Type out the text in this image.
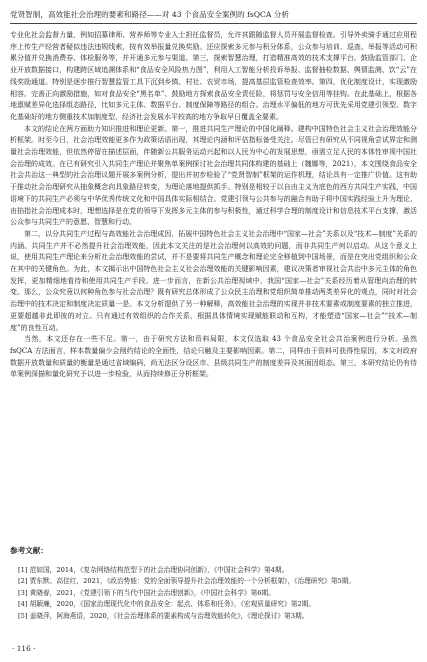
党贤智制，高效能社会治理的要素和路径——对 43 个食品安全案例的 fsQCA 分析

专业化社会监督力量，例如招募律师、营养师等专业人士担任监督员，允许其跟随监督人员开展监督检查。引导外卖骑手通过应用程序上传生产经营者疑似违法违规线索，按有效举报量兑换奖励。还应探索多元参与积分体系，公众参与培训、巡查、举报等活动可积累分值并兑换消费券、体检服务等，并开通多元参与渠道。第三，探索智慧治理，打造精准高效的技术支撑平台。鼓励监管部门、企业开放数据接口，构建跨区域追溯体系和“食品安全风险热力图”，利用人工智能分析投诉举报、监督抽检数据、舆情监测、饮“云”在线奖励通道。特别是逐步推行智慧监管工具下沉到乡镇、村社、农贸市场，提高基层监管检查效率。第四，优化制度设计，实现激励相容。完善正向激励措施，如对食品安全“黑名单”、鼓励地方探索食品安全责任险，将惩罚与安全信用等挂钩。在此基础上，根据各地禀赋差异化选择组态路径，比如多元主体、数据平台、制度保障等路径的组合。治理水平偏低的地方可优先采用党建引领型、数字化基础好的地方侧重技术加制度型，经济社会发展水平较高的地方争取早日覆盖全要素。

本文的结论在两方面助力知识推进和理论更新。第一，推进共同生产理论的中国化阐释。建构中国特色社会主义社会治理效能分析框架。时至今日，社会治理效能更多作为政策话语出现，其理论内涵和评估指标备受关注。尽管已有研究从不同视角尝试界定和测量社会治理效能，但依然停留在描述层面，伴随新公共服务运动兴起和以人民为中心的发展思想，亟需立足人民的本体性审视中国社会治理的成效。在已有研究引入共同生产理论并聚焦单案例探讨社会治理共同体构建的基础上（魏娜等，2021），本文围绕食品安全社会共治这一典型的社会治理议题开展多案例分析，提出并初步检验了“党贤智制”框架的运作机理，结论具有一定推广价值。这有助于推动社会治理研究从抽象概念向具象路径转变，为理论落地提供抓手。特别是相较于以自由主义为底色的西方共同生产实践，中国语境下的共同生产必须与中华优秀传统文化和中国具体实际相结合。党建引领与公共参与的融合有助于将中国实践经验上升为理论，由掐指社会治理成本时，理想选择是在党的领导下发挥多元主体的参与积极性，通过科学合理的制度设计和信息技术平台支撑，激活公众参与共同生产的意愿、智慧和行动。

第二，以分共同生产过程与高效能社会治理成因，拓展中国特色社会主义社会治理中“国家—社会”关系以及“技术—制度”关系的内涵。共同生产并不必然提升社会治理效能，因此本文关注的是社会治理何以高效的问题，而非共同生产何以启动。从这个意义上说，使用共同生产理论来分析社会治理效能的尝试，并不是要将共同生产概念和理论完全移植到中国场景，而是在突出党组织和公众在其中的关键角色。为此，本文揭示出中国特色社会主义社会治理效能的关键影响因素，建议决策者审视社会共治中多元主体的角色发挥，更加精细地看待和使用共同生产手段。进一步而言，在新公共治理视域中，我国“国家—社会”关系经历着从管理向治理的转变。那么，公众究竟以何种角色参与社会治理？既有研究总体形成了公众民主治理和党组织简单推动两类差异化的观点，同时对社会治理中的技术决定和制度决定质量一是。本文分析提供了另一种解释，高效能社会治理的实现并非技术要素或制度要素的独立推进，更要超越非此即彼的对立。只有通过有效组织的合作关系，根据具体情境实现赋能联动和互构，才能塑造“国家—社会”“技术—制度”的良性互动。

当然，本文还存在一些不足。第一，由于研究方法和资料局限，本文仅选取 43 个食品安全社会共治案例进行分析。虽然 fsQCA 方法面言，样本数量偏少会削约结论的全面性，结论只触及主要影响因素。第二，同样由于资料可获得性原因，本文对政府数据开放数量和质量的衡量是通过省域编码，尚无法区分设区市、县级共同生产的制度差异及其面因组态。第三，本研究结论仍有待单案例深描和量化研究予以进一步检验，从而持续修正分析框架。

参考文献：
[1] 范如国，2014，《复杂网络结构范型下的社会治理协同创新》，《中国社会科学》第4期。
[2] 贾东默、高佳红，2021，《政治势能：党的全面领导提升社会治理效能的一个分析框架》，《治理研究》第5期。
[3] 黄晓春，2021，《党建引领下的当代中国社会治理创新》，《中国社会科学》第6期。
[4] 胡颖廉，2020，《国家治理现代化中的食品安全：起点、体系和任务》，《宏观质量研究》第2期。
[5] 姜晓萍，阿海燕语，2020，《社会治理体系的要素构成与治理效能转化》，《理论探讨》第3期。
· 116 ·
